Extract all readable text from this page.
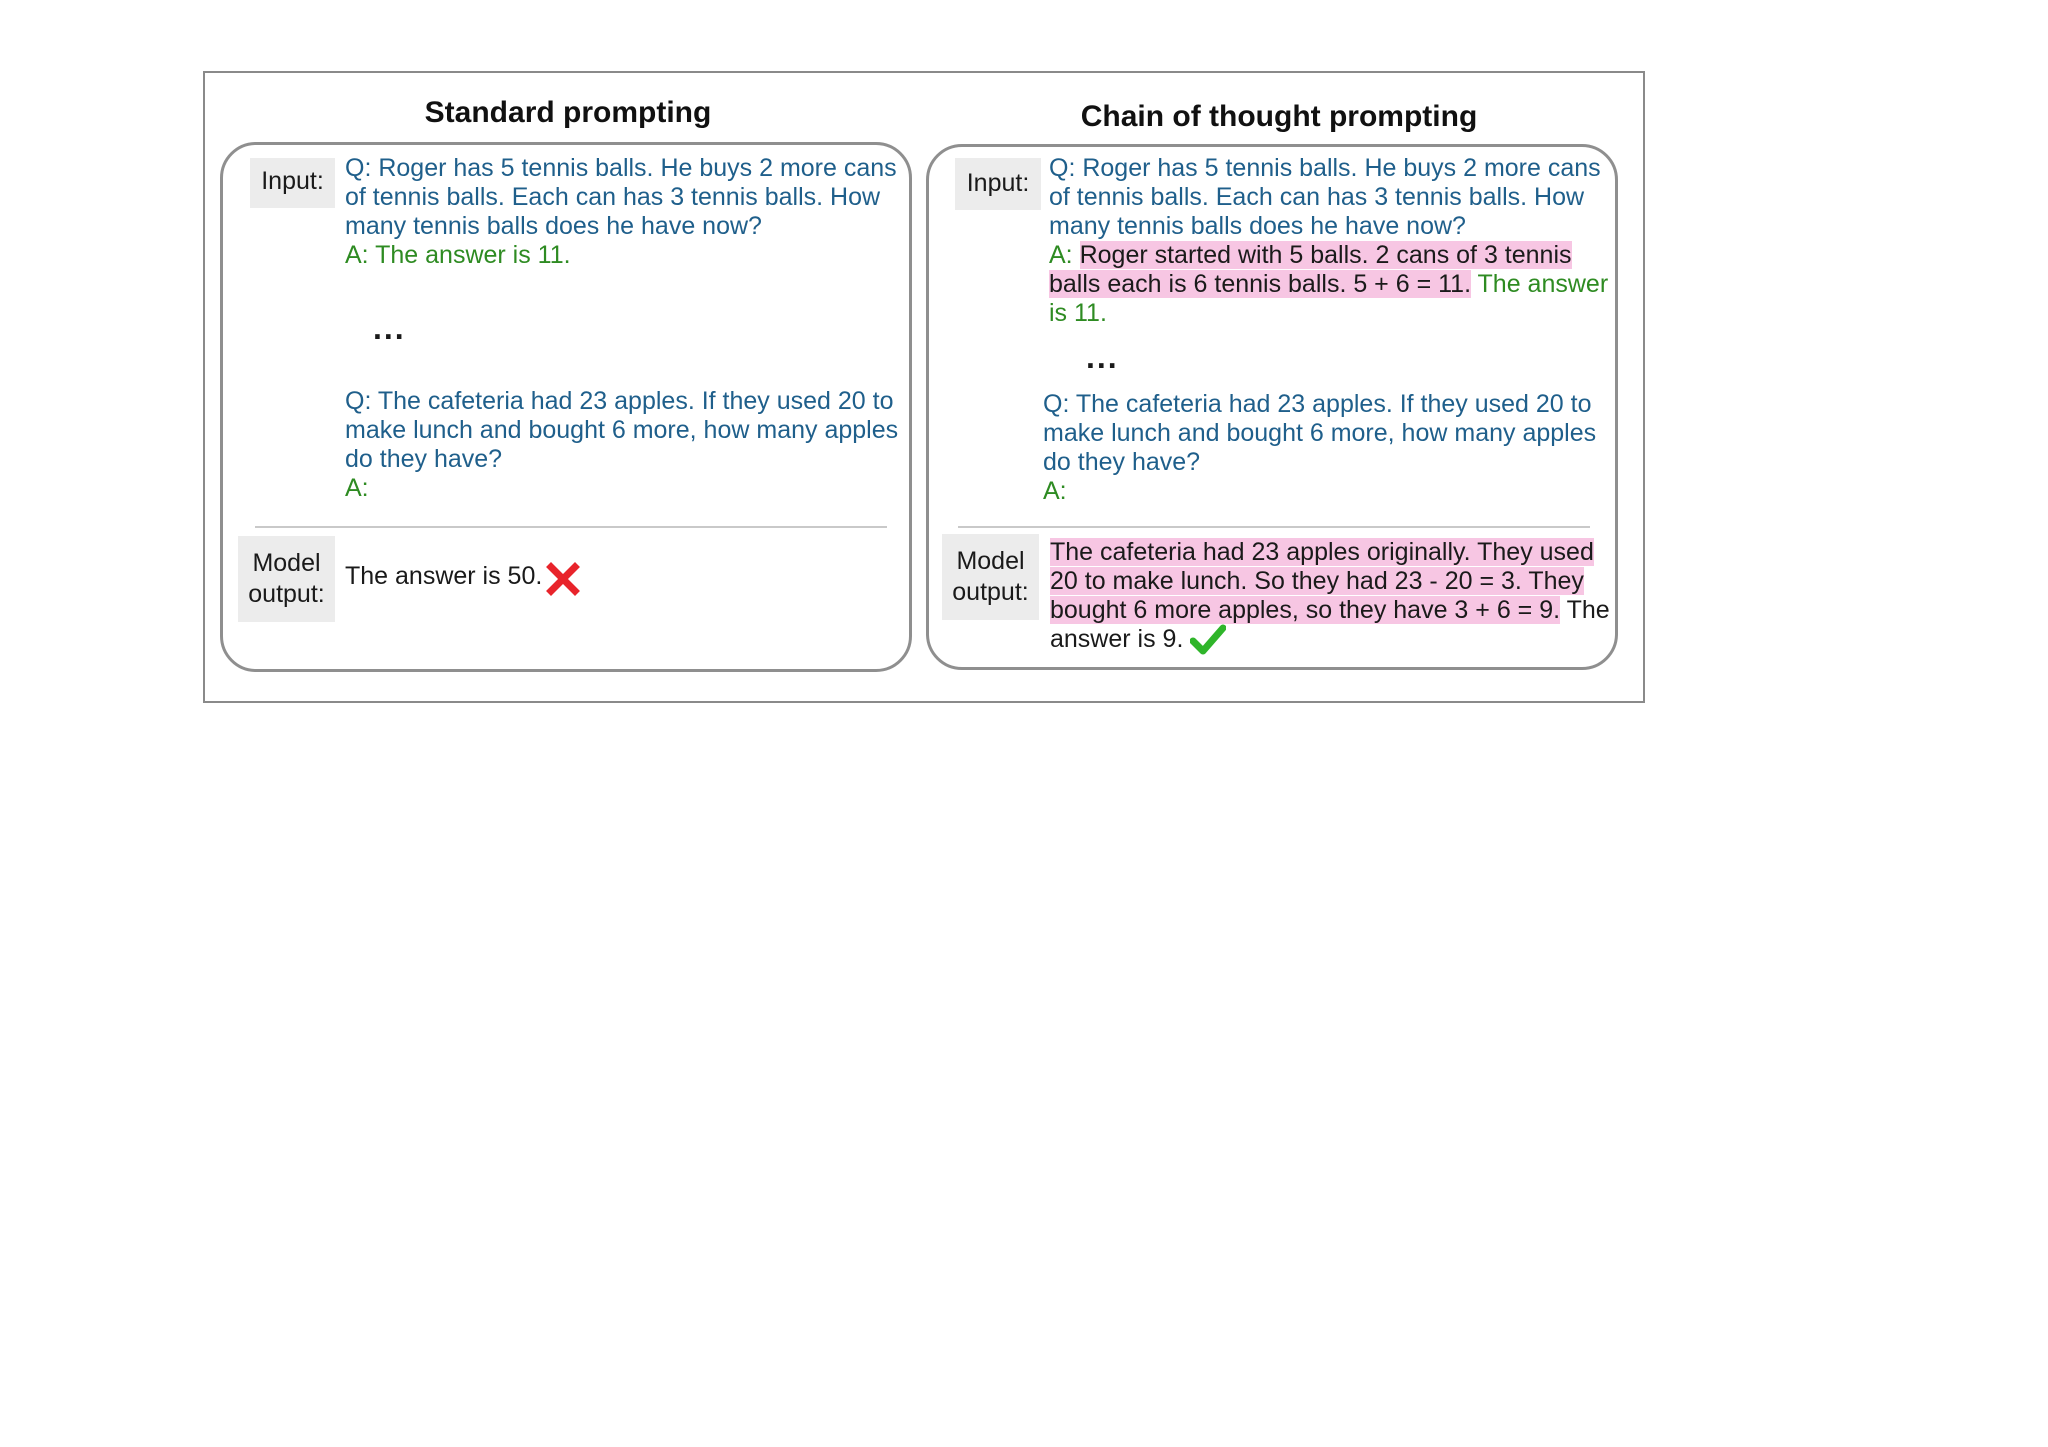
Standard prompting
Input: Q: Roger has 5 tennis balls. He buys 2 more cans
of tennis balls. Each can has 3 tennis balls. How
many tennis balls does he have now?
A: The answer is 11.
...
Q: The cafeteria had 23 apples. If they used 20 to
make lunch and bought 6 more, how many apples
do they have?
A:
Model
output:
The answer is 50.
Chain of thought prompting
Input:
Q: Roger has 5 tennis balls. He buys 2 more cans
of tennis balls. Each can has 3 tennis balls. How
many tennis balls does he have now?
A: Roger started with 5 balls. 2 cans of 3 tennis
balls each is 6 tennis balls. 5 + 6 = 11. The answer
is 11.
...
Q: The cafeteria had 23 apples. If they used 20 to
make lunch and bought 6 more, how many apples
do they have?
A:
Model
output:
The cafeteria had 23 apples originally. They used
20 to make lunch. So they had 23 - 20 = 3. They
bought 6 more apples, so they have 3 + 6 = 9. The
answer is 9.
